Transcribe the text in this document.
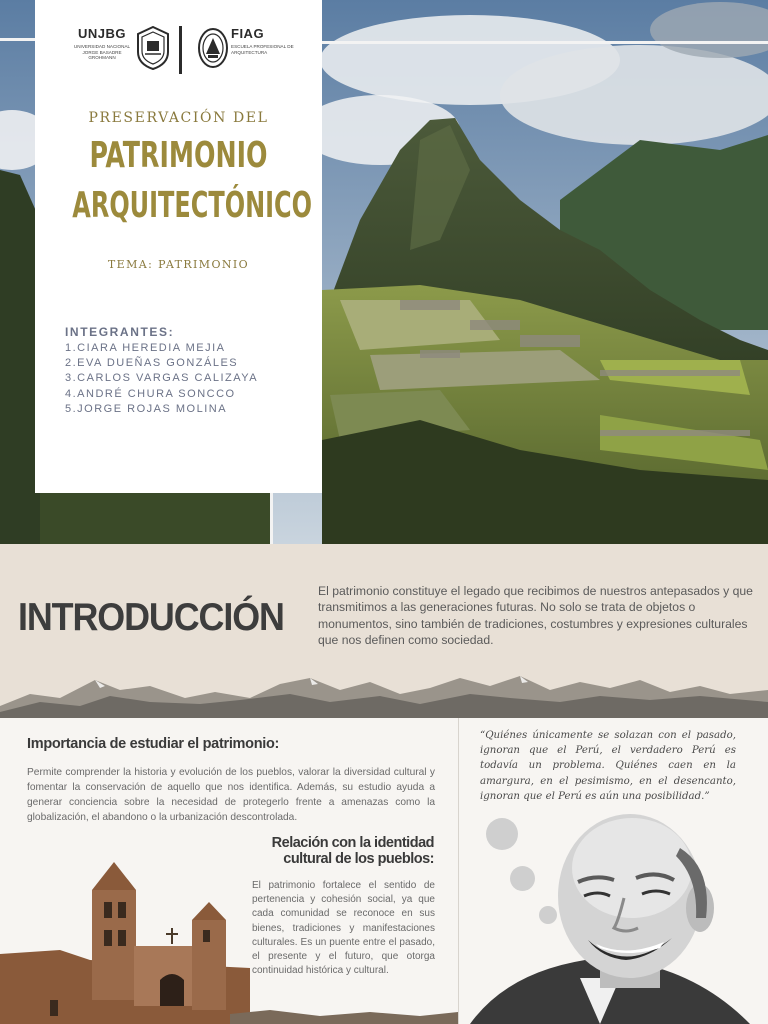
UNJBG
UNIVERSIDAD NACIONAL
JORGE BASADRE
GROHMANN
FIAG
ESCUELA PROFESIONAL DE
ARQUITECTURA
PRESERVACIÓN DEL
PATRIMONIO
ARQUITECTÓNICO
TEMA: PATRIMONIO
INTEGRANTES:
1.CIARA HEREDIA MEJIA
2.EVA DUEÑAS GONZÁLES
3.CARLOS VARGAS CALIZAYA
4.ANDRÉ CHURA SONCCO
5.JORGE ROJAS MOLINA
INTRODUCCIÓN

El patrimonio constituye el legado que recibimos de nuestros antepasados y que transmitimos a las generaciones futuras. No solo se trata de objetos o monumentos, sino también de tradiciones, costumbres y expresiones culturales que nos definen como sociedad.

Importancia de estudiar el patrimonio:

Permite comprender la historia y evolución de los pueblos, valorar la diversidad cultural y fomentar la conservación de aquello que nos identifica. Además, su estudio ayuda a generar conciencia sobre la necesidad de protegerlo frente a amenazas como la globalización, el abandono o la urbanización descontrolada.

Relación con la identidad
cultural de los pueblos:

El patrimonio fortalece el sentido de pertenencia y cohesión social, ya que cada comunidad se reconoce en sus bienes, tradiciones y manifestaciones culturales. Es un puente entre el pasado, el presente y el futuro, que otorga continuidad histórica y cultural.

“Quiénes únicamente se solazan con el pasado, ignoran que el Perú, el verdadero Perú es todavía un problema. Quiénes caen en la amargura, en el pesimismo, en el desencanto, ignoran que el Perú es aún una posibilidad.”
